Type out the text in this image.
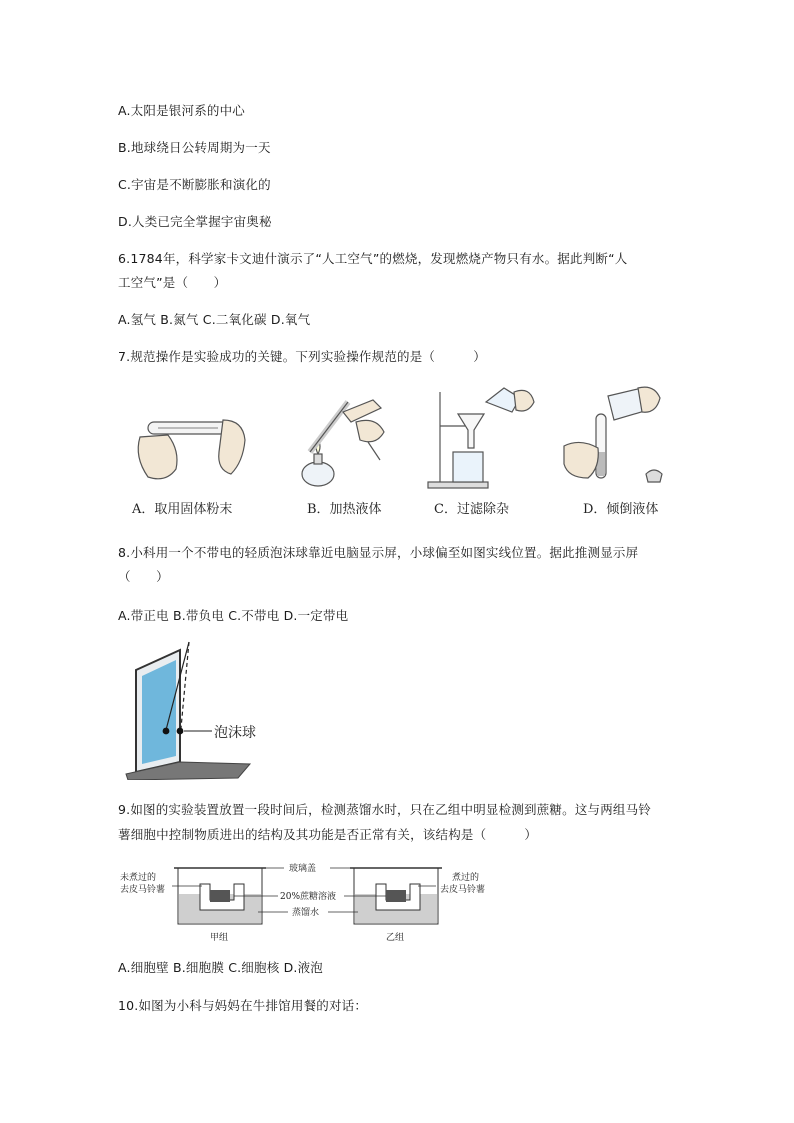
A.太阳是银河系的中心
B.地球绕日公转周期为一天
C.宇宙是不断膨胀和演化的
D.人类已完全掌握宇宙奥秘
6.1784年，科学家卡文迪什演示了“人工空气”的燃烧，发现燃烧产物只有水。据此判断“人
工空气”是（　　）
A.氢气 B.氮气 C.二氧化碳 D.氧气
7.规范操作是实验成功的关键。下列实验操作规范的是（　　　）
A．取用固体粉末	B．加热液体	C．过滤除杂	D．倾倒液体
8.小科用一个不带电的轻质泡沫球靠近电脑显示屏，小球偏至如图实线位置。据此推测显示屏
（　　）
A.带正电 B.带负电 C.不带电 D.一定带电
泡沫球
9.如图的实验装置放置一段时间后，检测蒸馏水时，只在乙组中明显检测到蔗糖。这与两组马铃
薯细胞中控制物质进出的结构及其功能是否正常有关，该结构是（　　　）
未煮过的
去皮马铃薯
玻璃盖
20%蔗糖溶液
蒸馏水
煮过的
去皮马铃薯
甲组	乙组
A.细胞壁 B.细胞膜 C.细胞核 D.液泡
10.如图为小科与妈妈在牛排馆用餐的对话：
